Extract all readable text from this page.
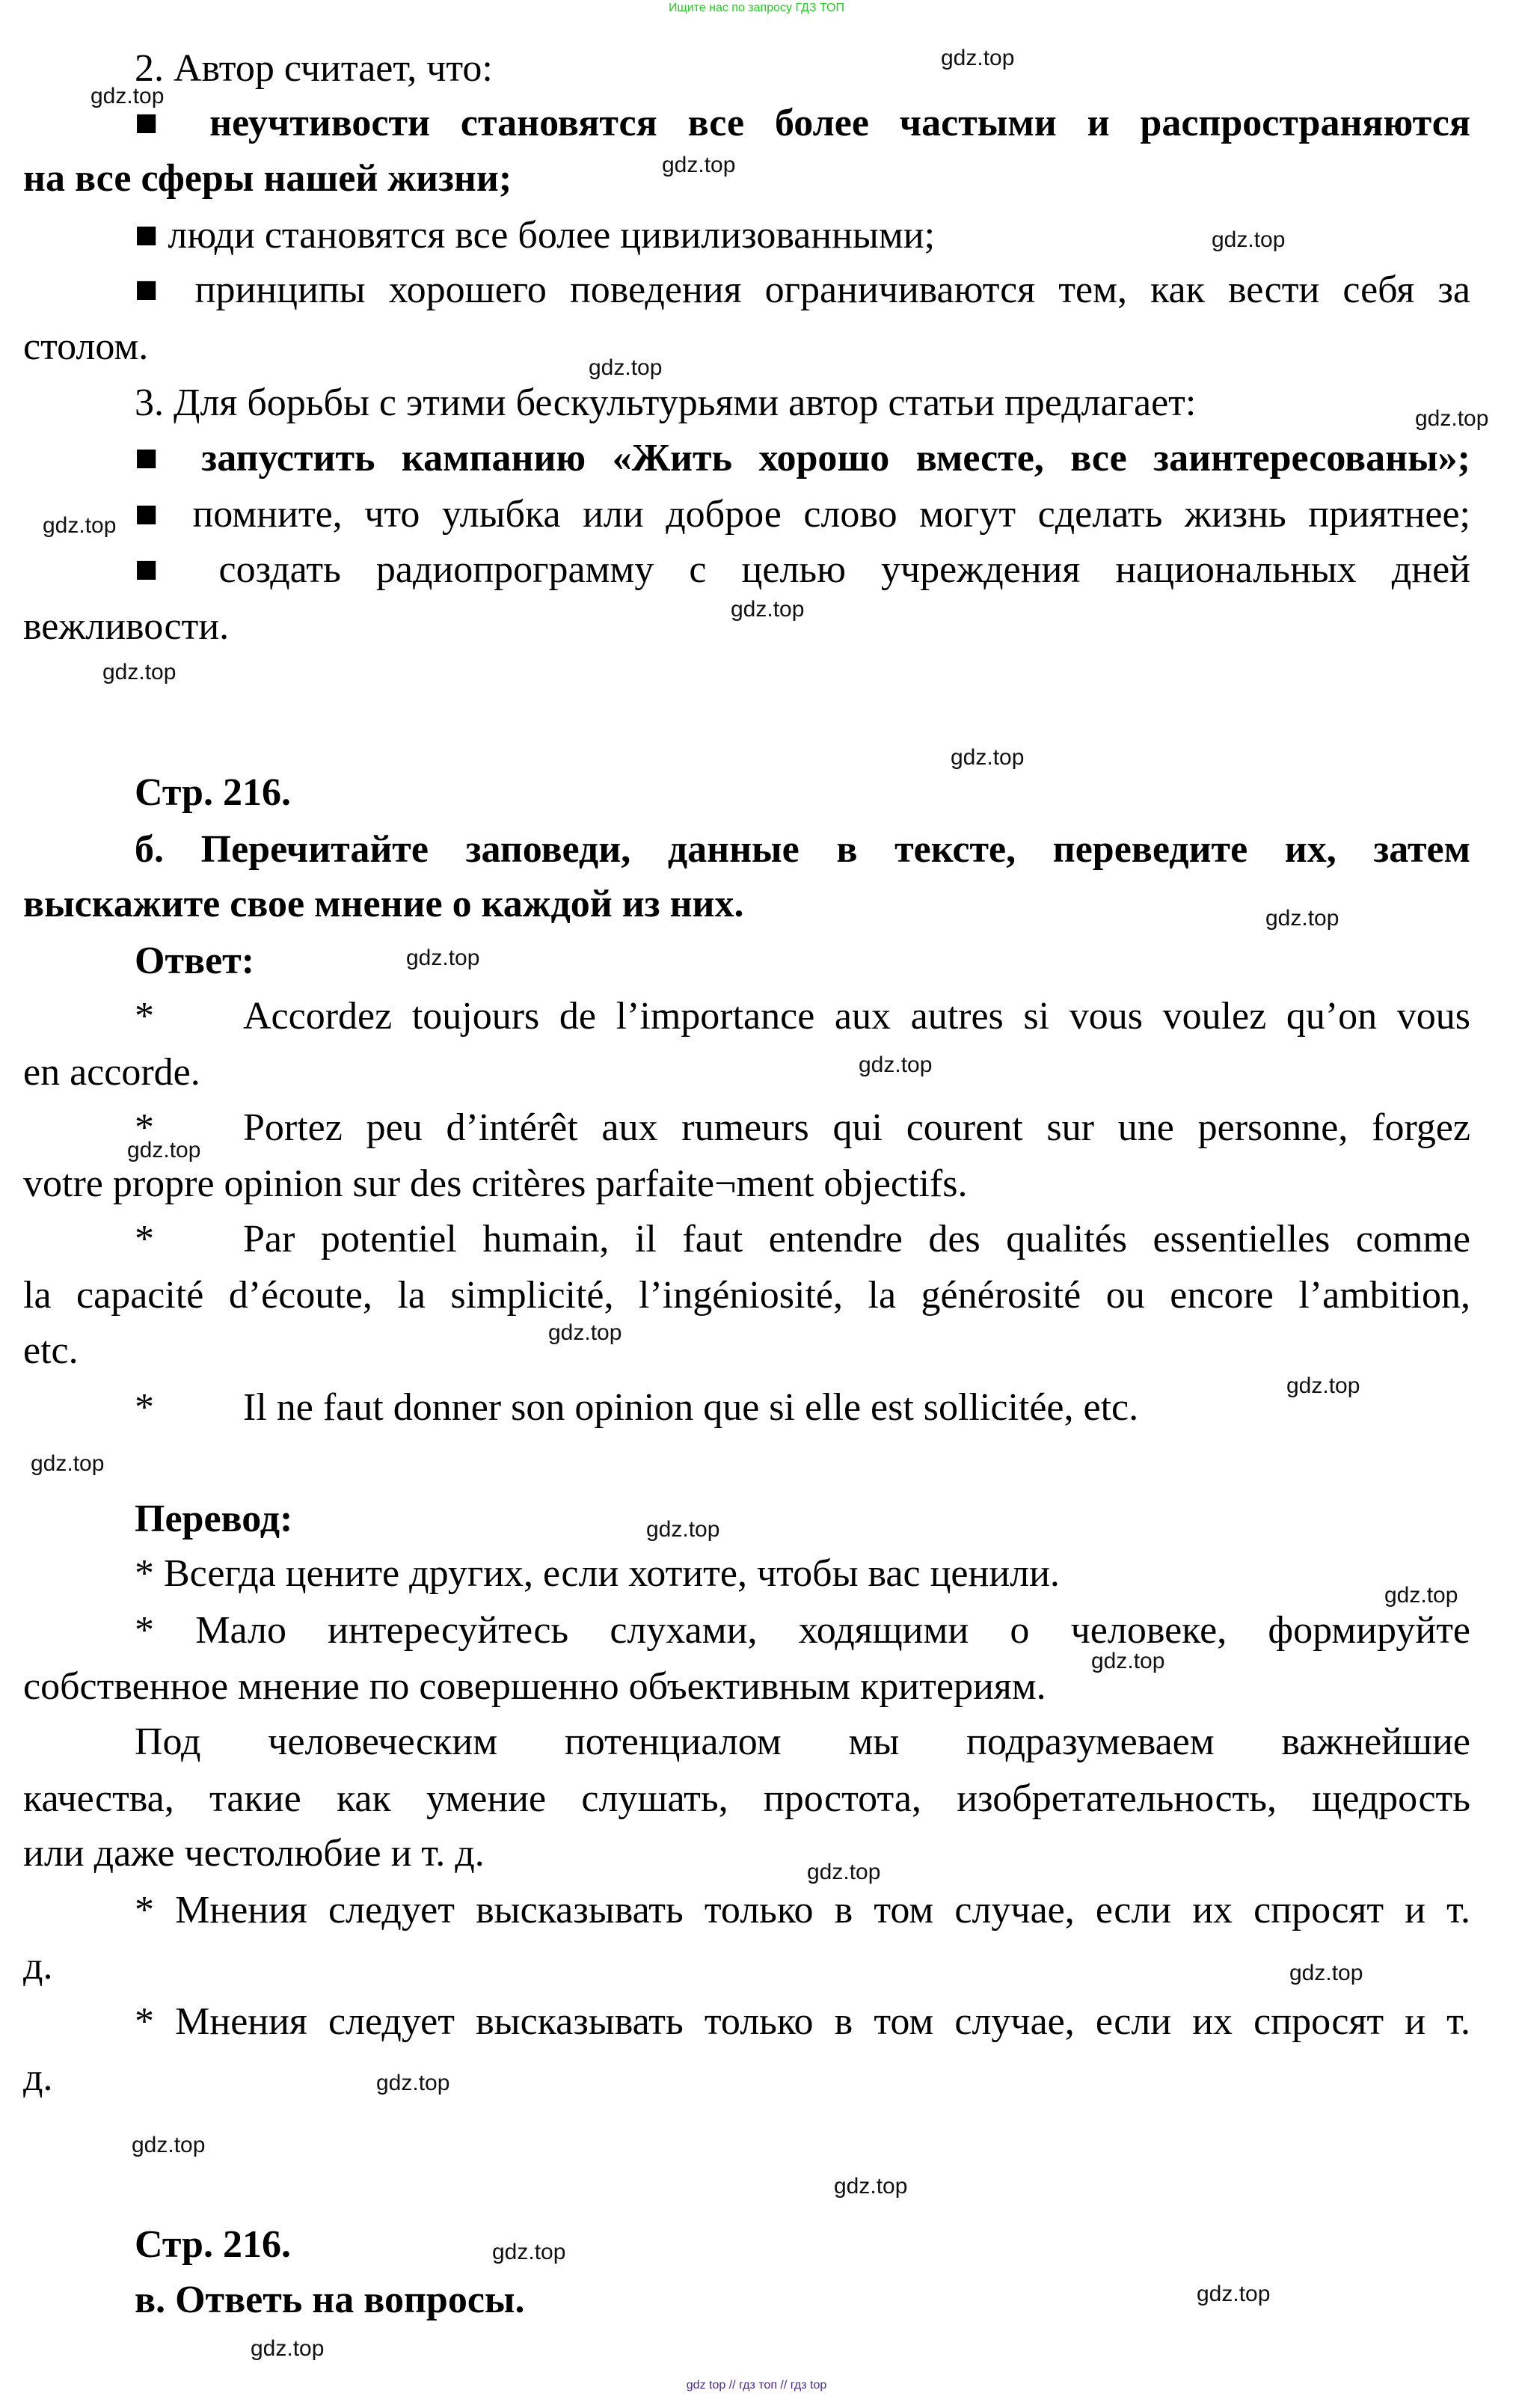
Ищите нас по запросу ГДЗ ТОП
2. Автор считает, что:
■ неучтивости становятся все более частыми и распространяются
на все сферы нашей жизни;
■ люди становятся все более цивилизованными;
■ принципы хорошего поведения ограничиваются тем, как вести себя за
столом.
3. Для борьбы с этими бескультурьями автор статьи предлагает:
■ запустить кампанию «Жить хорошо вместе, все заинтересованы»;
■ помните, что улыбка или доброе слово могут сделать жизнь приятнее;
■ создать радиопрограмму с целью учреждения национальных дней
вежливости.
Стр. 216.
б. Перечитайте заповеди, данные в тексте, переведите их, затем
выскажите свое мнение о каждой из них.
Ответ:
* Accordez toujours de l’importance aux autres si vous voulez qu’on vous
en accorde.
* Portez peu d’intérêt aux rumeurs qui courent sur une personne, forgez
votre propre opinion sur des critères parfaite¬ment objectifs.
* Par potentiel humain, il faut entendre des qualités essentielles comme
la capacité d’écoute, la simplicité, l’ingéniosité, la générosité ou encore l’ambition,
etc.
* Il ne faut donner son opinion que si elle est sollicitée, etc.
Перевод:
* Всегда цените других, если хотите, чтобы вас ценили.
* Мало интересуйтесь слухами, ходящими о человеке, формируйте
собственное мнение по совершенно объективным критериям.
Под человеческим потенциалом мы подразумеваем важнейшие
качества, такие как умение слушать, простота, изобретательность, щедрость
или даже честолюбие и т. д.
* Мнения следует высказывать только в том случае, если их спросят и т.
д.
* Мнения следует высказывать только в том случае, если их спросят и т.
д.
Стр. 216.
в. Ответь на вопросы.
gdz top // гдз топ // гдз top
gdz.top
gdz.top
gdz.top
gdz.top
gdz.top
gdz.top
gdz.top
gdz.top
gdz.top
gdz.top
gdz.top
gdz.top
gdz.top
gdz.top
gdz.top
gdz.top
gdz.top
gdz.top
gdz.top
gdz.top
gdz.top
gdz.top
gdz.top
gdz.top
gdz.top
gdz.top
gdz.top
gdz.top
